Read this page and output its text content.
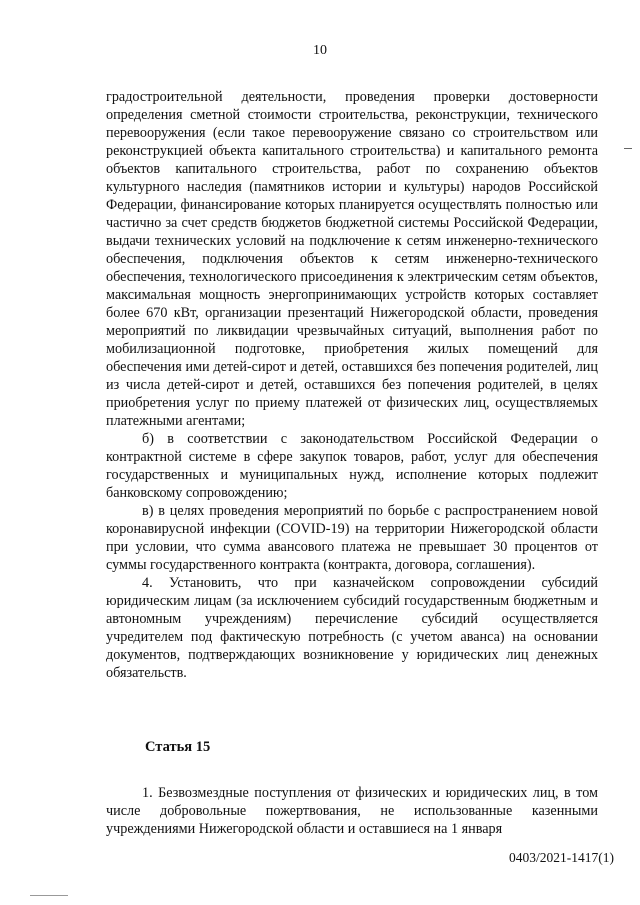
10

градостроительной деятельности, проведения проверки достоверности определения сметной стоимости строительства, реконструкции, технического перевооружения (если такое перевооружение связано со строительством или реконструкцией объекта капитального строительства) и капитального ремонта объектов капитального строительства, работ по сохранению объектов культурного наследия (памятников истории и культуры) народов Российской Федерации, финансирование которых планируется осуществлять полностью или частично за счет средств бюджетов бюджетной системы Российской Федерации, выдачи технических условий на подключение к сетям инженерно-технического обеспечения, подключения объектов к сетям инженерно-технического обеспечения, технологического присоединения к электрическим сетям объектов, максимальная мощность энергопринимающих устройств которых составляет более 670 кВт, организации презентаций Нижегородской области, проведения мероприятий по ликвидации чрезвычайных ситуаций, выполнения работ по мобилизационной подготовке, приобретения жилых помещений для обеспечения ими детей-сирот и детей, оставшихся без попечения родителей, лиц из числа детей-сирот и детей, оставшихся без попечения родителей, в целях приобретения услуг по приему платежей от физических лиц, осуществляемых платежными агентами;

б) в соответствии с законодательством Российской Федерации о контрактной системе в сфере закупок товаров, работ, услуг для обеспечения государственных и муниципальных нужд, исполнение которых подлежит банковскому сопровождению;

в) в целях проведения мероприятий по борьбе с распространением новой коронавирусной инфекции (COVID-19) на территории Нижегородской области при условии, что сумма авансового платежа не превышает 30 процентов от суммы государственного контракта (контракта, договора, соглашения).

4. Установить, что при казначейском сопровождении субсидий юридическим лицам (за исключением субсидий государственным бюджетным и автономным учреждениям) перечисление субсидий осуществляется учредителем под фактическую потребность (с учетом аванса) на основании документов, подтверждающих возникновение у юридических лиц денежных обязательств.

Статья 15

1. Безвозмездные поступления от физических и юридических лиц, в том числе добровольные пожертвования, не использованные казенными учреждениями Нижегородской области и оставшиеся на 1 января

0403/2021-1417(1)
